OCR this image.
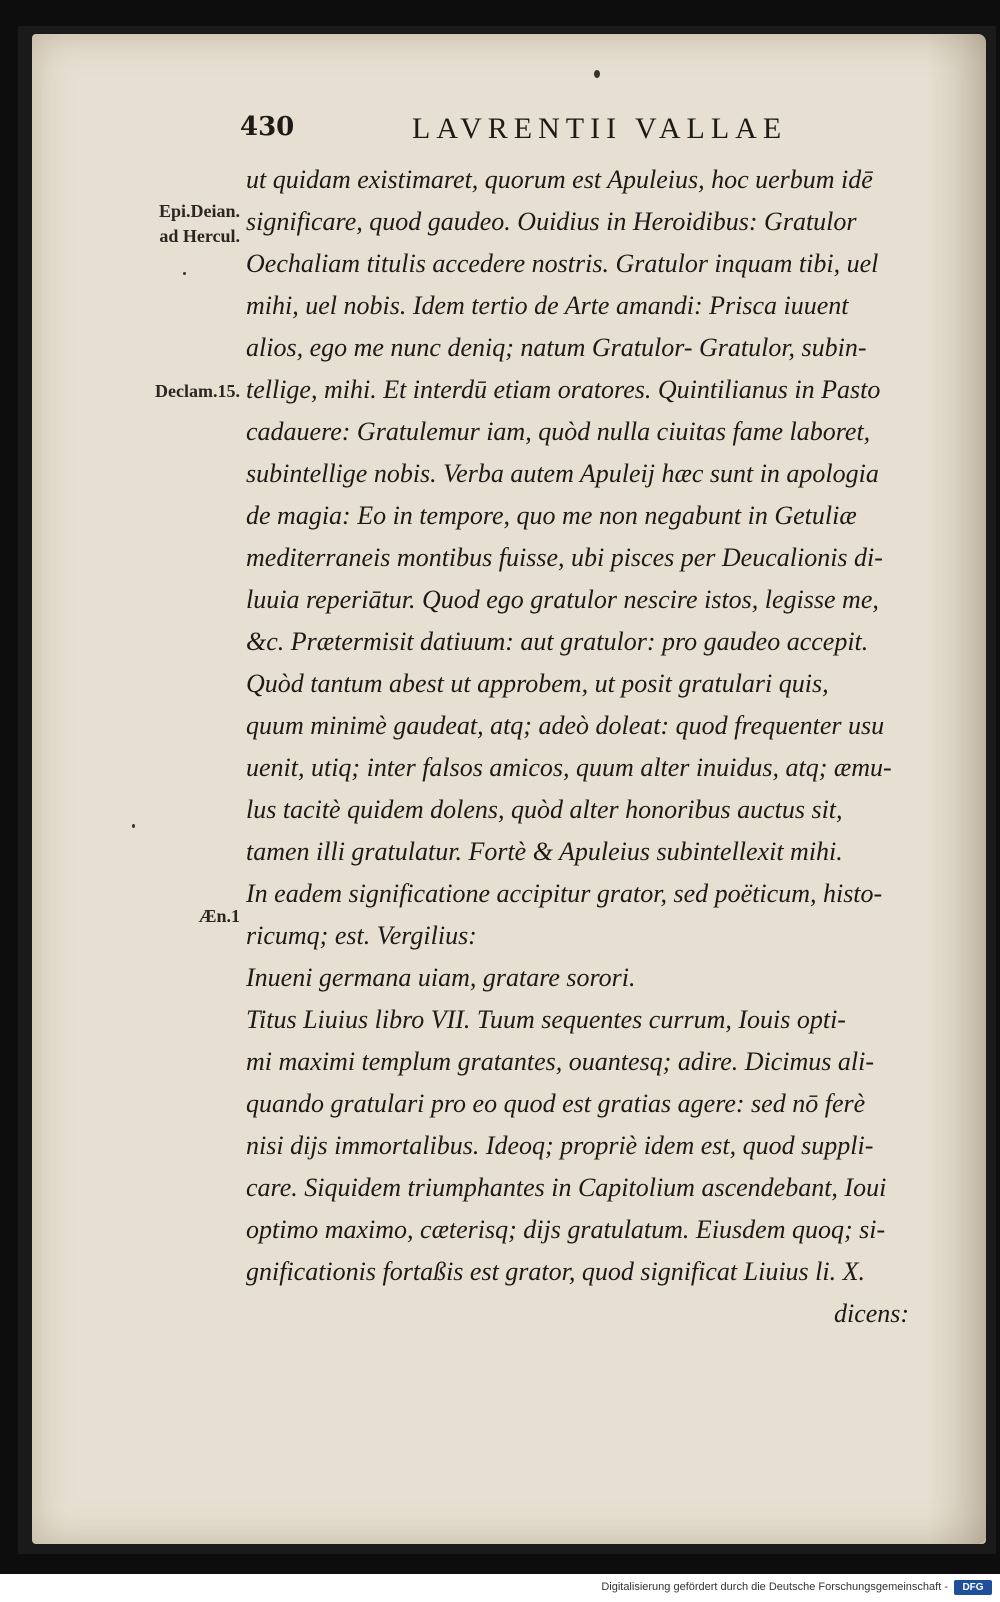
430	LAVRENTII VALLAE
Epi.Deian.
ad Hercul.
Declam.15.
Æn.1
ut quidam existimaret, quorum est Apuleius, hoc uerbum idē
significare, quod gaudeo. Ouidius in Heroidibus: Gratulor
Oechaliam titulis accedere nostris. Gratulor inquam tibi, uel
mihi, uel nobis. Idem tertio de Arte amandi: Prisca iuuent
alios, ego me nunc deniq; natum Gratulor- Gratulor, subin-
tellige, mihi. Et interdū etiam oratores. Quintilianus in Pasto
cadauere: Gratulemur iam, quòd nulla ciuitas fame laboret,
subintellige nobis. Verba autem Apuleij hæc sunt in apologia
de magia: Eo in tempore, quo me non negabunt in Getuliæ
mediterraneis montibus fuisse, ubi pisces per Deucalionis di-
luuia reperiātur. Quod ego gratulor nescire istos, legisse me,
&c. Prætermisit datiuum: aut gratulor: pro gaudeo accepit.
Quòd tantum abest ut approbem, ut posit gratulari quis,
quum minimè gaudeat, atq; adeò doleat: quod frequenter usu
uenit, utiq; inter falsos amicos, quum alter inuidus, atq; æmu-
lus tacitè quidem dolens, quòd alter honoribus auctus sit,
tamen illi gratulatur. Fortè & Apuleius subintellexit mihi.
In eadem significatione accipitur grator, sed poëticum, histo-
ricumq; est. Vergilius:
Inueni germana uiam, gratare sorori.
Titus Liuius libro VII. Tuum sequentes currum, Iouis opti-
mi maximi templum gratantes, ouantesq; adire. Dicimus ali-
quando gratulari pro eo quod est gratias agere: sed nō ferè
nisi dijs immortalibus. Ideoq; propriè idem est, quod suppli-
care. Siquidem triumphantes in Capitolium ascendebant, Ioui
optimo maximo, cæterisq; dijs gratulatum. Eiusdem quoq; si-
gnificationis fortaßis est grator, quod significat Liuius li. X.
dicens:
Digitalisierung gefördert durch die Deutsche Forschungsgemeinschaft -	DFG
